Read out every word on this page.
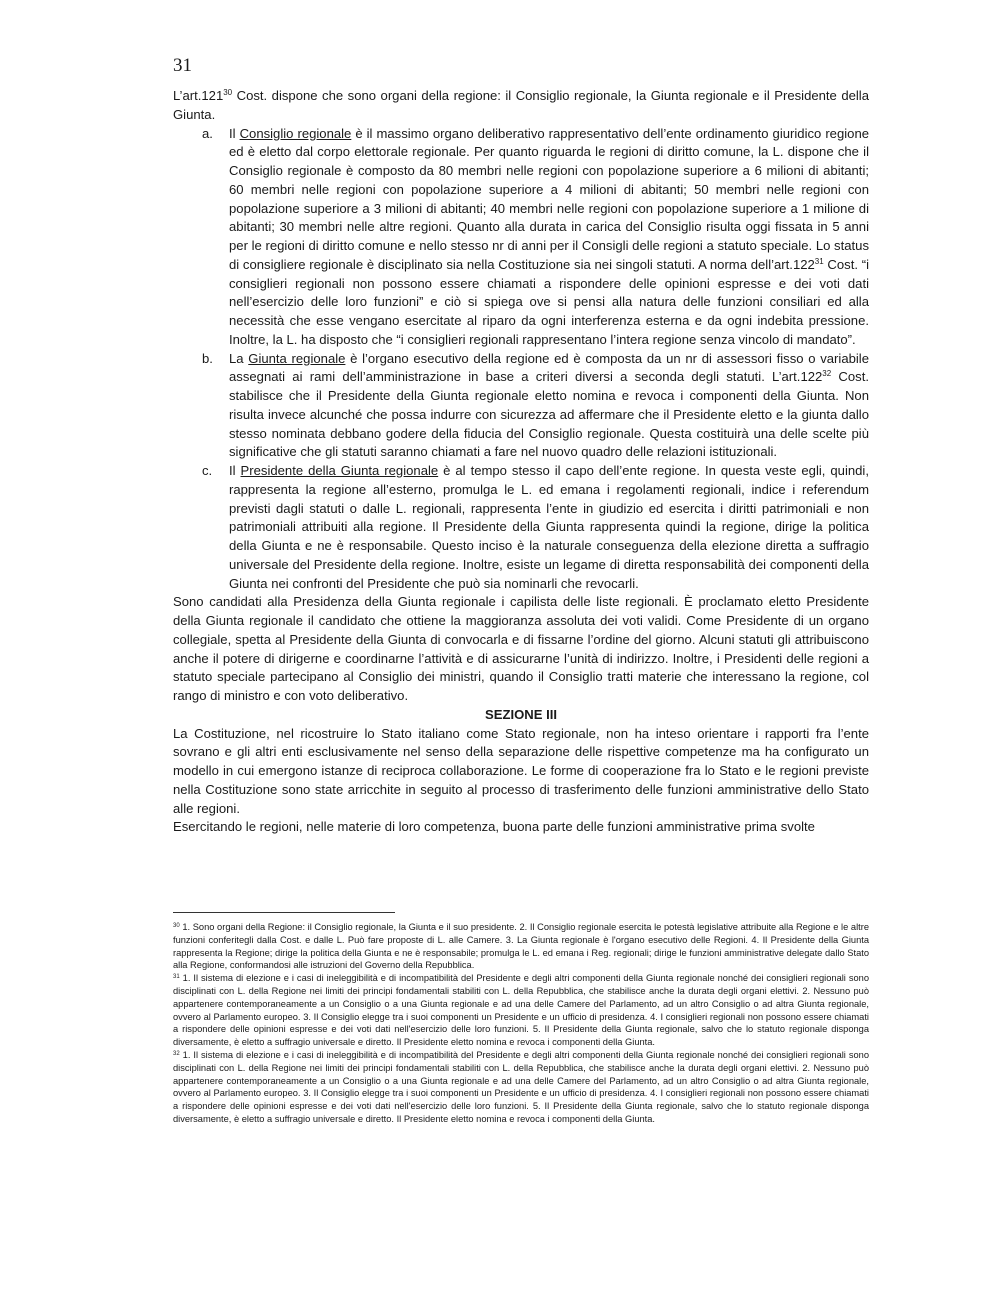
31

L’art.121$^{30}$ Cost. dispone che sono organi della regione: il Consiglio regionale, la Giunta regionale e il Presidente della Giunta.

a. Il Consiglio regionale è il massimo organo deliberativo rappresentativo dell’ente ordinamento giuridico regione ed è eletto dal corpo elettorale regionale. Per quanto riguarda le regioni di diritto comune, la L. dispone che il Consiglio regionale è composto da 80 membri nelle regioni con popolazione superiore a 6 milioni di abitanti; 60 membri nelle regioni con popolazione superiore a 4 milioni di abitanti; 50 membri nelle regioni con popolazione superiore a 3 milioni di abitanti; 40 membri nelle regioni con popolazione superiore a 1 milione di abitanti; 30 membri nelle altre regioni. Quanto alla durata in carica del Consiglio risulta oggi fissata in 5 anni per le regioni di diritto comune e nello stesso nr di anni per il Consigli delle regioni a statuto speciale. Lo status di consigliere regionale è disciplinato sia nella Costituzione sia nei singoli statuti. A norma dell’art.122$^{31}$ Cost. “i consiglieri regionali non possono essere chiamati a rispondere delle opinioni espresse e dei voti dati nell’esercizio delle loro funzioni” e ciò si spiega ove si pensi alla natura delle funzioni consiliari ed alla necessità che esse vengano esercitate al riparo da ogni interferenza esterna e da ogni indebita pressione. Inoltre, la L. ha disposto che “i consiglieri regionali rappresentano l’intera regione senza vincolo di mandato”.
b. La Giunta regionale è l’organo esecutivo della regione ed è composta da un nr di assessori fisso o variabile assegnati ai rami dell’amministrazione in base a criteri diversi a seconda degli statuti. L’art.122$^{32}$ Cost. stabilisce che il Presidente della Giunta regionale eletto nomina e revoca i componenti della Giunta. Non risulta invece alcunché che possa indurre con sicurezza ad affermare che il Presidente eletto e la giunta dallo stesso nominata debbano godere della fiducia del Consiglio regionale. Questa costituirà una delle scelte più significative che gli statuti saranno chiamati a fare nel nuovo quadro delle relazioni istituzionali.
c. Il Presidente della Giunta regionale è al tempo stesso il capo dell’ente regione. In questa veste egli, quindi, rappresenta la regione all’esterno, promulga le L. ed emana i regolamenti regionali, indice i referendum previsti dagli statuti o dalle L. regionali, rappresenta l’ente in giudizio ed esercita i diritti patrimoniali e non patrimoniali attribuiti alla regione. Il Presidente della Giunta rappresenta quindi la regione, dirige la politica della Giunta e ne è responsabile. Questo inciso è la naturale conseguenza della elezione diretta a suffragio universale del Presidente della regione. Inoltre, esiste un legame di diretta responsabilità dei componenti della Giunta nei confronti del Presidente che può sia nominarli che revocarli.

Sono candidati alla Presidenza della Giunta regionale i capilista delle liste regionali. È proclamato eletto Presidente della Giunta regionale il candidato che ottiene la maggioranza assoluta dei voti validi. Come Presidente di un organo collegiale, spetta al Presidente della Giunta di convocarla e di fissarne l’ordine del giorno. Alcuni statuti gli attribuiscono anche il potere di dirigerne e coordinarne l’attività e di assicurarne l’unità di indirizzo. Inoltre, i Presidenti delle regioni a statuto speciale partecipano al Consiglio dei ministri, quando il Consiglio tratti materie che interessano la regione, col rango di ministro e con voto deliberativo.

SEZIONE III

La Costituzione, nel ricostruire lo Stato italiano come Stato regionale, non ha inteso orientare i rapporti fra l’ente sovrano e gli altri enti esclusivamente nel senso della separazione delle rispettive competenze ma ha configurato un modello in cui emergono istanze di reciproca collaborazione. Le forme di cooperazione fra lo Stato e le regioni previste nella Costituzione sono state arricchite in seguito al processo di trasferimento delle funzioni amministrative dello Stato alle regioni.

Esercitando le regioni, nelle materie di loro competenza, buona parte delle funzioni amministrative prima svolte

$^{30}$ 1. Sono organi della Regione: il Consiglio regionale, la Giunta e il suo presidente. 2. Il Consiglio regionale esercita le potestà legislative attribuite alla Regione e le altre funzioni conferitegli dalla Cost. e dalle L. Può fare proposte di L. alle Camere. 3. La Giunta regionale è l'organo esecutivo delle Regioni. 4. Il Presidente della Giunta rappresenta la Regione; dirige la politica della Giunta e ne è responsabile; promulga le L. ed emana i Reg. regionali; dirige le funzioni amministrative delegate dallo Stato alla Regione, conformandosi alle istruzioni del Governo della Repubblica.

$^{31}$ 1. Il sistema di elezione e i casi di ineleggibilità e di incompatibilità del Presidente e degli altri componenti della Giunta regionale nonché dei consiglieri regionali sono disciplinati con L. della Regione nei limiti dei principi fondamentali stabiliti con L. della Repubblica, che stabilisce anche la durata degli organi elettivi. 2. Nessuno può appartenere contemporaneamente a un Consiglio o a una Giunta regionale e ad una delle Camere del Parlamento, ad un altro Consiglio o ad altra Giunta regionale, ovvero al Parlamento europeo. 3. Il Consiglio elegge tra i suoi componenti un Presidente e un ufficio di presidenza. 4. I consiglieri regionali non possono essere chiamati a rispondere delle opinioni espresse e dei voti dati nell'esercizio delle loro funzioni. 5. Il Presidente della Giunta regionale, salvo che lo statuto regionale disponga diversamente, è eletto a suffragio universale e diretto. Il Presidente eletto nomina e revoca i componenti della Giunta.

$^{32}$ 1. Il sistema di elezione e i casi di ineleggibilità e di incompatibilità del Presidente e degli altri componenti della Giunta regionale nonché dei consiglieri regionali sono disciplinati con L. della Regione nei limiti dei principi fondamentali stabiliti con L. della Repubblica, che stabilisce anche la durata degli organi elettivi. 2. Nessuno può appartenere contemporaneamente a un Consiglio o a una Giunta regionale e ad una delle Camere del Parlamento, ad un altro Consiglio o ad altra Giunta regionale, ovvero al Parlamento europeo. 3. Il Consiglio elegge tra i suoi componenti un Presidente e un ufficio di presidenza. 4. I consiglieri regionali non possono essere chiamati a rispondere delle opinioni espresse e dei voti dati nell'esercizio delle loro funzioni. 5. Il Presidente della Giunta regionale, salvo che lo statuto regionale disponga diversamente, è eletto a suffragio universale e diretto. Il Presidente eletto nomina e revoca i componenti della Giunta.
